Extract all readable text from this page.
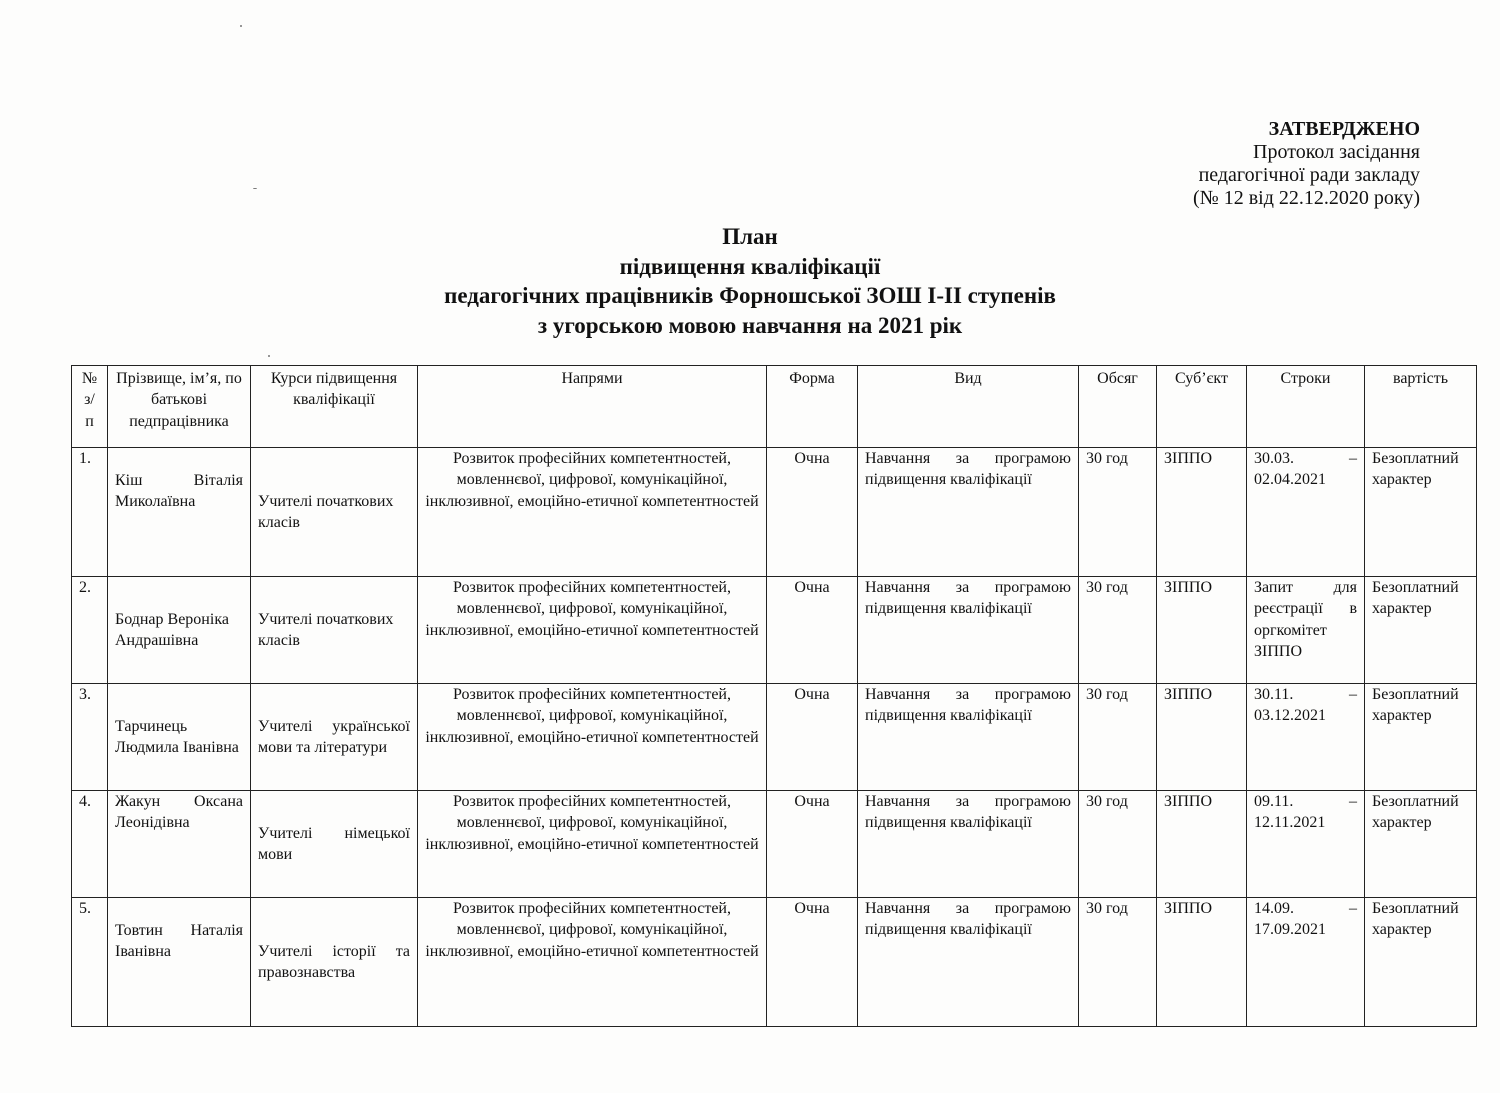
ЗАТВЕРДЖЕНО
Протокол засідання
педагогічної ради закладу
(№ 12 від 22.12.2020 року)
План
підвищення кваліфікації
педагогічних працівників Форношської ЗОШ І-ІІ ступенів
з угорською мовою навчання на 2021 рік
№ з/ п	Прізвище, ім’я, по батькові педпрацівника	Курси підвищення кваліфікації	Напрями	Форма	Вид	Обсяг	Суб’єкт	Строки	вартість
1.	Кіш Віталія Миколаївна	Учителі початкових класів	Розвиток професійних компетентностей, мовленнєвої, цифрової, комунікаційної, інклюзивної, емоційно-етичної компетентностей	Очна	Навчання за програмою підвищення кваліфікації	30 год	ЗІППО	30.03. – 02.04.2021	Безоплатний характер
2.	Боднар Вероніка Андрашівна	Учителі початкових класів	Розвиток професійних компетентностей, мовленнєвої, цифрової, комунікаційної, інклюзивної, емоційно-етичної компетентностей	Очна	Навчання за програмою підвищення кваліфікації	30 год	ЗІППО	Запит для реєстрації в оргкомітет ЗІППО	Безоплатний характер
3.	Тарчинець Людмила Іванівна	Учителі української мови та літератури	Розвиток професійних компетентностей, мовленнєвої, цифрової, комунікаційної, інклюзивної, емоційно-етичної компетентностей	Очна	Навчання за програмою підвищення кваліфікації	30 год	ЗІППО	30.11. – 03.12.2021	Безоплатний характер
4.	Жакун Оксана Леонідівна	Учителі німецької мови	Розвиток професійних компетентностей, мовленнєвої, цифрової, комунікаційної, інклюзивної, емоційно-етичної компетентностей	Очна	Навчання за програмою підвищення кваліфікації	30 год	ЗІППО	09.11. – 12.11.2021	Безоплатний характер
5.	Товтин Наталія Іванівна	Учителі історії та правознавства	Розвиток професійних компетентностей, мовленнєвої, цифрової, комунікаційної, інклюзивної, емоційно-етичної компетентностей	Очна	Навчання за програмою підвищення кваліфікації	30 год	ЗІППО	14.09. – 17.09.2021	Безоплатний характер
